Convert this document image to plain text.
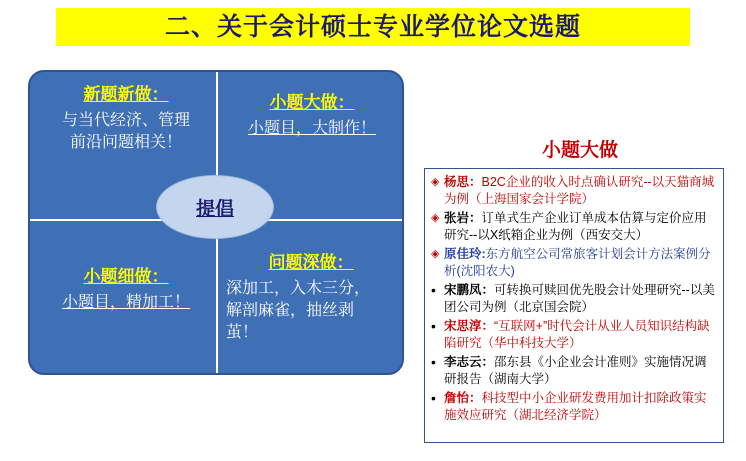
二、关于会计硕士专业学位论文选题
新题新做：
与当代经济、管理
前沿问题相关！
小题大做：
小题目，大制作！
小题细做：
小题目，精加工！
问题深做：
深加工，入木三分，
解剖麻雀，抽丝剥
茧！
提倡
小题大做
◈ 杨思：B2C企业的收入时点确认研究--以天猫商城为例（上海国家会计学院）
◈ 张岩：订单式生产企业订单成本估算与定价应用研究--以X纸箱企业为例（西安交大）
◈ 原佳玲:东方航空公司常旅客计划会计方法案例分析(沈阳农大)
• 宋鹏凤：可转换可赎回优先股会计处理研究--以美团公司为例（北京国会院）
• 宋思淳：“互联网+”时代会计从业人员知识结构缺陷研究（华中科技大学）
• 李志云：邵东县《小企业会计准则》实施情况调研报告（湖南大学）
• 詹怡：科技型中小企业研发费用加计扣除政策实施效应研究（湖北经济学院）
